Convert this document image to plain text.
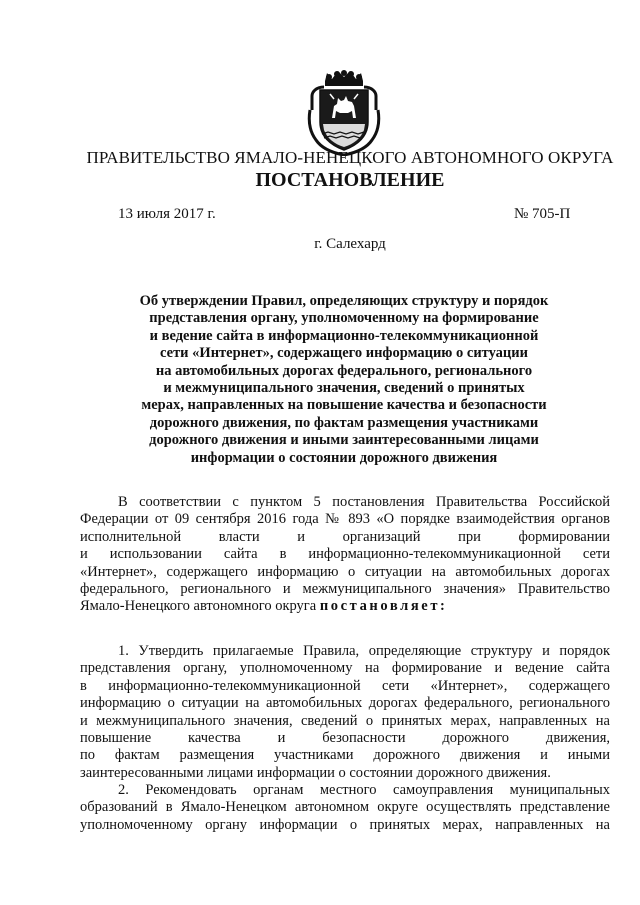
ПРАВИТЕЛЬСТВО ЯМАЛО-НЕНЕЦКОГО АВТОНОМНОГО ОКРУГА
ПОСТАНОВЛЕНИЕ
13 июля 2017 г.	№ 705-П
г. Салехард
Об утверждении Правил, определяющих структуру и порядок
представления органу, уполномоченному на формирование
и ведение сайта в информационно-телекоммуникационной
сети «Интернет», содержащего информацию о ситуации
на автомобильных дорогах федерального, регионального
и межмуниципального значения, сведений о принятых
мерах, направленных на повышение качества и безопасности
дорожного движения, по фактам размещения участниками
дорожного движения и иными заинтересованными лицами
информации о состоянии дорожного движения
В соответствии с пунктом 5 постановления Правительства Российской
Федерации от 09 сентября 2016 года № 893 «О порядке взаимодействия органов
исполнительной власти и организаций при формировании
и использовании сайта в информационно-телекоммуникационной сети
«Интернет», содержащего информацию о ситуации на автомобильных дорогах
федерального, регионального и межмуниципального значения» Правительство
Ямало-Ненецкого автономного округа постановляет:
1. Утвердить прилагаемые Правила, определяющие структуру и порядок
представления органу, уполномоченному на формирование и ведение сайта
в информационно-телекоммуникационной сети «Интернет», содержащего
информацию о ситуации на автомобильных дорогах федерального, регионального
и межмуниципального значения, сведений о принятых мерах, направленных на
повышение качества и безопасности дорожного движения,
по фактам размещения участниками дорожного движения и иными
заинтересованными лицами информации о состоянии дорожного движения.
2. Рекомендовать органам местного самоуправления муниципальных
образований в Ямало-Ненецком автономном округе осуществлять представление
уполномоченному органу информации о принятых мерах, направленных на
